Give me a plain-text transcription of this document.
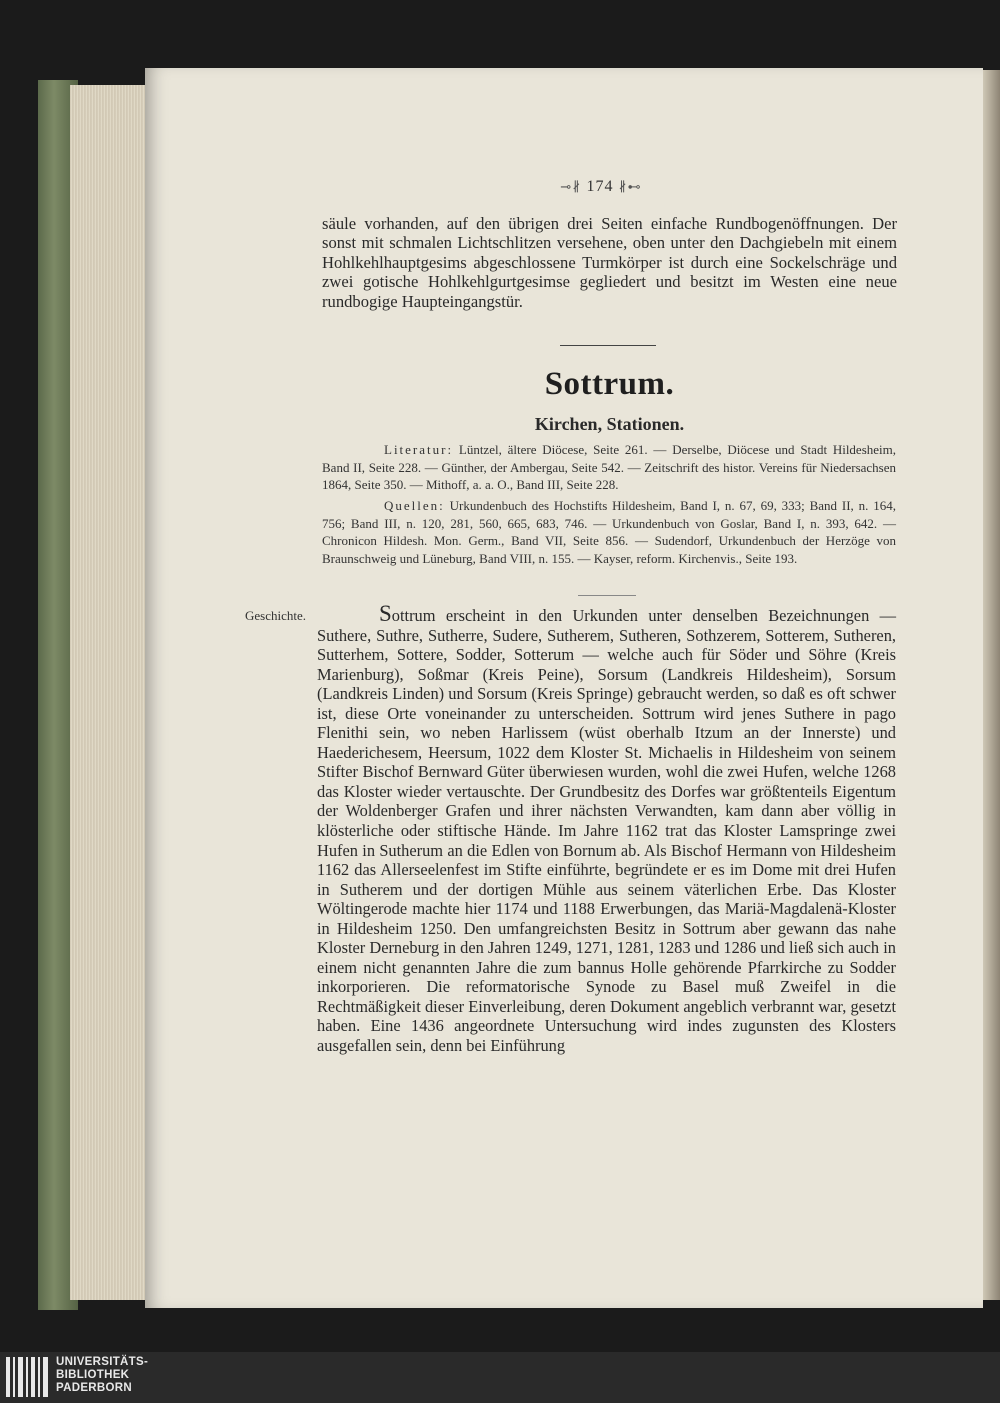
⊸∦ 174 ∦⊷
säule vorhanden, auf den übrigen drei Seiten einfache Rundbogenöffnungen. Der sonst mit schmalen Lichtschlitzen versehene, oben unter den Dachgiebeln mit einem Hohlkehlhauptgesims abgeschlossene Turmkörper ist durch eine Sockelschräge und zwei gotische Hohlkehlgurtgesimse gegliedert und besitzt im Westen eine neue rundbogige Haupteingangstür.
Sottrum.
Kirchen, Stationen.
Literatur: Lüntzel, ältere Diöcese, Seite 261. — Derselbe, Diöcese und Stadt Hildesheim, Band II, Seite 228. — Günther, der Ambergau, Seite 542. — Zeitschrift des histor. Vereins für Niedersachsen 1864, Seite 350. — Mithoff, a. a. O., Band III, Seite 228.
Quellen: Urkundenbuch des Hochstifts Hildesheim, Band I, n. 67, 69, 333; Band II, n. 164, 756; Band III, n. 120, 281, 560, 665, 683, 746. — Urkundenbuch von Goslar, Band I, n. 393, 642. — Chronicon Hildesh. Mon. Germ., Band VII, Seite 856. — Sudendorf, Urkundenbuch der Herzöge von Braunschweig und Lüneburg, Band VIII, n. 155. — Kayser, reform. Kirchenvis., Seite 193.
Geschichte.	Sottrum erscheint in den Urkunden unter denselben Bezeichnungen — Suthere, Suthre, Sutherre, Sudere, Sutherem, Sutheren, Sothzerem, Sotterem, Sutheren, Sutterhem, Sottere, Sodder, Sotterum — welche auch für Söder und Söhre (Kreis Marienburg), Soßmar (Kreis Peine), Sorsum (Landkreis Hildesheim), Sorsum (Landkreis Linden) und Sorsum (Kreis Springe) gebraucht werden, so daß es oft schwer ist, diese Orte voneinander zu unterscheiden. Sottrum wird jenes Suthere in pago Flenithi sein, wo neben Harlissem (wüst oberhalb Itzum an der Innerste) und Haederichesem, Heersum, 1022 dem Kloster St. Michaelis in Hildesheim von seinem Stifter Bischof Bernward Güter überwiesen wurden, wohl die zwei Hufen, welche 1268 das Kloster wieder vertauschte. Der Grundbesitz des Dorfes war größtenteils Eigentum der Woldenberger Grafen und ihrer nächsten Verwandten, kam dann aber völlig in klösterliche oder stiftische Hände. Im Jahre 1162 trat das Kloster Lamspringe zwei Hufen in Sutherum an die Edlen von Bornum ab. Als Bischof Hermann von Hildesheim 1162 das Allerseelenfest im Stifte einführte, begründete er es im Dome mit drei Hufen in Sutherem und der dortigen Mühle aus seinem väterlichen Erbe. Das Kloster Wöltingerode machte hier 1174 und 1188 Erwerbungen, das Mariä-Magdalenä-Kloster in Hildesheim 1250. Den umfangreichsten Besitz in Sottrum aber gewann das nahe Kloster Derneburg in den Jahren 1249, 1271, 1281, 1283 und 1286 und ließ sich auch in einem nicht genannten Jahre die zum bannus Holle gehörende Pfarrkirche zu Sodder inkorporieren. Die reformatorische Synode zu Basel muß Zweifel in die Rechtmäßigkeit dieser Einverleibung, deren Dokument angeblich verbrannt war, gesetzt haben. Eine 1436 angeordnete Untersuchung wird indes zugunsten des Klosters ausgefallen sein, denn bei Einführung
UNIVERSITÄTS-
BIBLIOTHEK
PADERBORN
